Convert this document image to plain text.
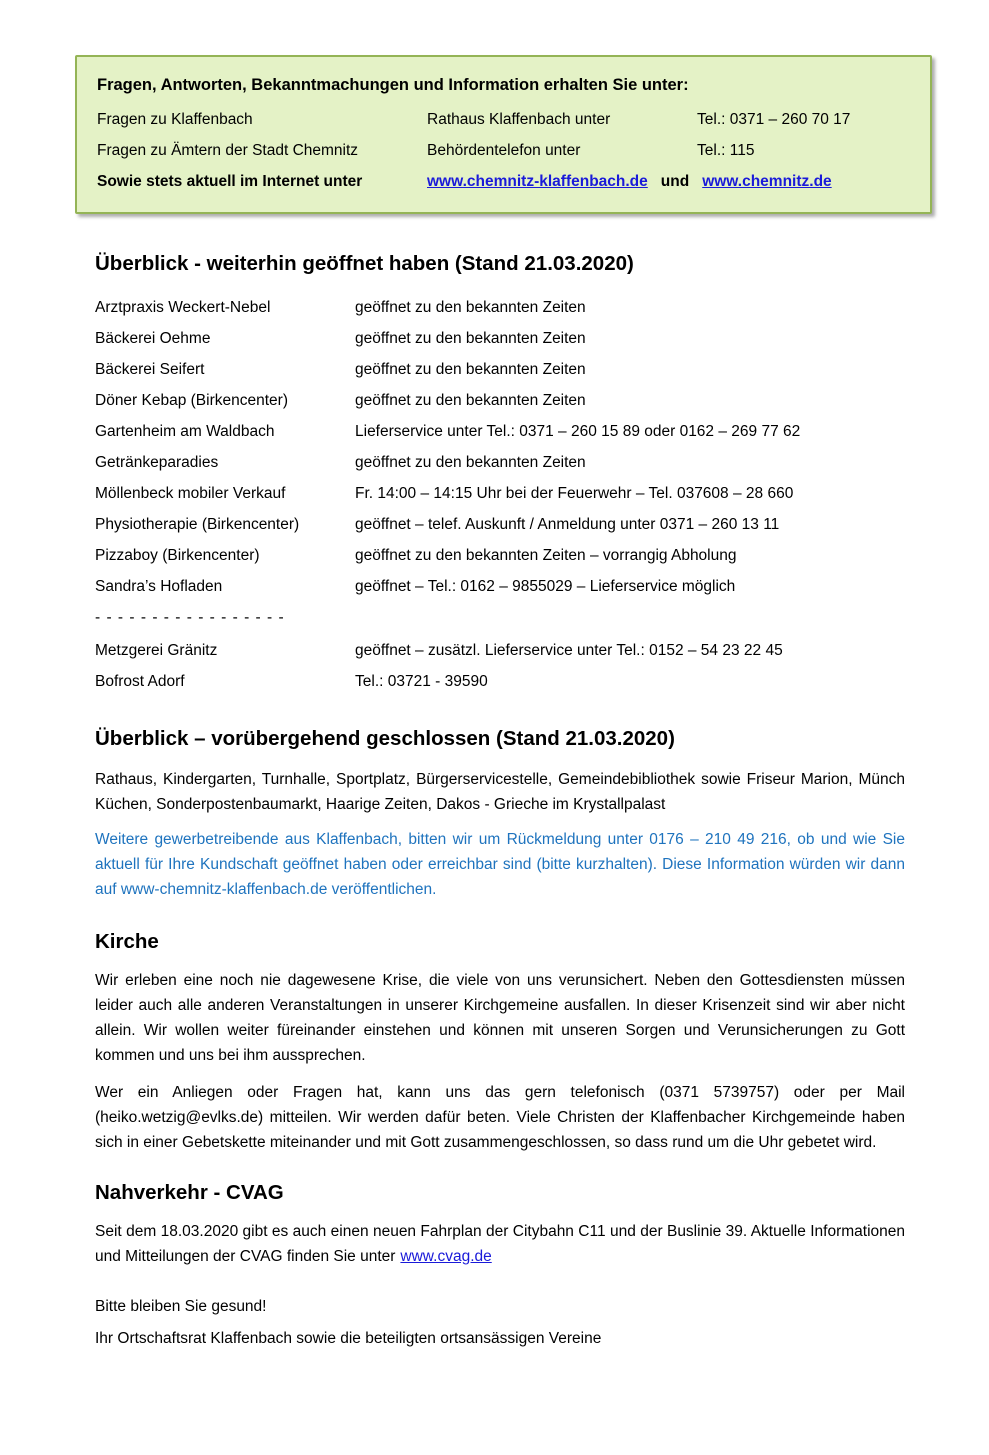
Fragen, Antworten, Bekanntmachungen und Information erhalten Sie unter:
Fragen zu Klaffenbach	Rathaus Klaffenbach unter	Tel.: 0371 – 260 70 17
Fragen zu Ämtern der Stadt Chemnitz	Behördentelefon unter	Tel.: 115
Sowie stets aktuell im Internet unter	www.chemnitz-klaffenbach.de und www.chemnitz.de
Überblick - weiterhin geöffnet haben (Stand 21.03.2020)
Arztpraxis Weckert-Nebel	geöffnet zu den bekannten Zeiten
Bäckerei Oehme	geöffnet zu den bekannten Zeiten
Bäckerei Seifert	geöffnet zu den bekannten Zeiten
Döner Kebap (Birkencenter)	geöffnet zu den bekannten Zeiten
Gartenheim am Waldbach	Lieferservice unter Tel.: 0371 – 260 15 89 oder 0162 – 269 77 62
Getränkeparadies	geöffnet zu den bekannten Zeiten
Möllenbeck mobiler Verkauf	Fr. 14:00 – 14:15 Uhr bei der Feuerwehr – Tel. 037608 – 28 660
Physiotherapie (Birkencenter)	geöffnet – telef. Auskunft / Anmeldung unter 0371 – 260 13 11
Pizzaboy (Birkencenter)	geöffnet zu den bekannten Zeiten – vorrangig Abholung
Sandra’s Hofladen	geöffnet – Tel.: 0162 – 9855029 – Lieferservice möglich
- - - - - - - - - - - - - - - - -
Metzgerei Gränitz	geöffnet – zusätzl. Lieferservice unter Tel.: 0152 – 54 23 22 45
Bofrost Adorf	Tel.: 03721 - 39590
Überblick – vorübergehend geschlossen (Stand 21.03.2020)

Rathaus, Kindergarten, Turnhalle, Sportplatz, Bürgerservicestelle, Gemeindebibliothek sowie Friseur Marion, Münch Küchen, Sonderpostenbaumarkt, Haarige Zeiten, Dakos - Grieche im Krystallpalast

Weitere gewerbetreibende aus Klaffenbach, bitten wir um Rückmeldung unter 0176 – 210 49 216, ob und wie Sie aktuell für Ihre Kundschaft geöffnet haben oder erreichbar sind (bitte kurzhalten). Diese Information würden wir dann auf www-chemnitz-klaffenbach.de veröffentlichen.

Kirche

Wir erleben eine noch nie dagewesene Krise, die viele von uns verunsichert. Neben den Gottesdiensten müssen leider auch alle anderen Veranstaltungen in unserer Kirchgemeine ausfallen. In dieser Krisenzeit sind wir aber nicht allein. Wir wollen weiter füreinander einstehen und können mit unseren Sorgen und Verunsicherungen zu Gott kommen und uns bei ihm aussprechen.

Wer ein Anliegen oder Fragen hat, kann uns das gern telefonisch (0371 5739757) oder per Mail (heiko.wetzig@evlks.de) mitteilen. Wir werden dafür beten. Viele Christen der Klaffenbacher Kirchgemeinde haben sich in einer Gebetskette miteinander und mit Gott zusammengeschlossen, so dass rund um die Uhr gebetet wird.

Nahverkehr - CVAG

Seit dem 18.03.2020 gibt es auch einen neuen Fahrplan der Citybahn C11 und der Buslinie 39. Aktuelle Informationen und Mitteilungen der CVAG finden Sie unter www.cvag.de

Bitte bleiben Sie gesund!
Ihr Ortschaftsrat Klaffenbach sowie die beteiligten ortsansässigen Vereine
